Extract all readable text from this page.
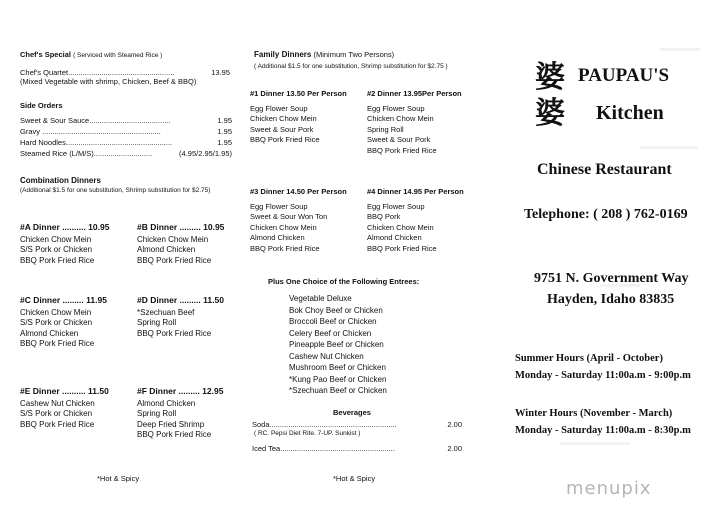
Chef's Special ( Serviced with Steamed Rice )
Chef's Quartet...................................................	13.95
(Mixed Vegetable with shrimp, Chicken, Beef & BBQ)
Side Orders
Sweet & Sour Sauce.......................................	1.95
Gravy .........................................................	1.95
Hard Noodles...................................................	1.95
Steamed Rice (L/M/S)............................	(4.95/2.95/1.95)
Combination Dinners
(Additional $1.5 for one substitution, Shrimp substitution for $2.75)
#A Dinner .......... 10.95
Chicken Chow Mein
S/S Pork or Chicken
BBQ Pork Fried Rice
#B Dinner ......... 10.95
Chicken Chow Mein
Almond Chicken
BBQ Pork Fried Rice
#C Dinner ......... 11.95
Chicken Chow Mein
S/S Pork or Chicken
Almond Chicken
BBQ Pork Fried Rice
#D Dinner ......... 11.50
*Szechuan Beef
Spring Roll
BBQ Pork Fried Rice
#E Dinner .......... 11.50
Cashew Nut Chicken
S/S Pork or Chicken
BBQ Pork Fried Rice
#F Dinner ......... 12.95
Almond Chicken
Spring Roll
Deep Fried Shrimp
BBQ Pork Fried Rice
*Hot & Spicy
Family Dinners (Minimum Two Persons)
( Additional $1.5 for one substitution, Shrimp substitution for $2.75 )
#1 Dinner 13.50 Per Person
Egg Flower Soup
Chicken Chow Mein
Sweet & Sour Pork
BBQ Pork Fried Rice
#2 Dinner 13.95Per Person
Egg Flower Soup
Chicken Chow Mein
Spring Roll
Sweet & Sour Pork
BBQ Pork Fried Rice
#3 Dinner 14.50 Per Person
Egg Flower Soup
Sweet & Sour Won Ton
Chicken Chow Mein
Almond Chicken
BBQ Pork Fried Rice
#4 Dinner 14.95 Per Person
Egg Flower Soup
BBQ Pork
Chicken Chow Mein
Almond Chicken
BBQ Pork Fried Rice
Plus One Choice of the Following Entrees:
Vegetable Deluxe
Bok Choy Beef or Chicken
Broccoli Beef or Chicken
Celery Beef or Chicken
Pineapple Beef or Chicken
Cashew Nut Chicken
Mushroom Beef or Chicken
*Kung Pao Beef or Chicken
*Szechuan Beef or Chicken
Beverages
Soda.............................................................	2.00
( RC. Pepsi Diet Rite. 7-UP. Sunkist )
Iced Tea.......................................................	2.00
*Hot & Spicy
婆
婆
PAUPAU'S
Kitchen
Chinese Restaurant
Telephone: ( 208 ) 762-0169
9751 N. Government Way
Hayden, Idaho 83835
Summer Hours (April - October)
Monday - Saturday 11:00a.m - 9:00p.m
Winter Hours (November - March)
Monday - Saturday 11:00a.m - 8:30p.m
menupix
